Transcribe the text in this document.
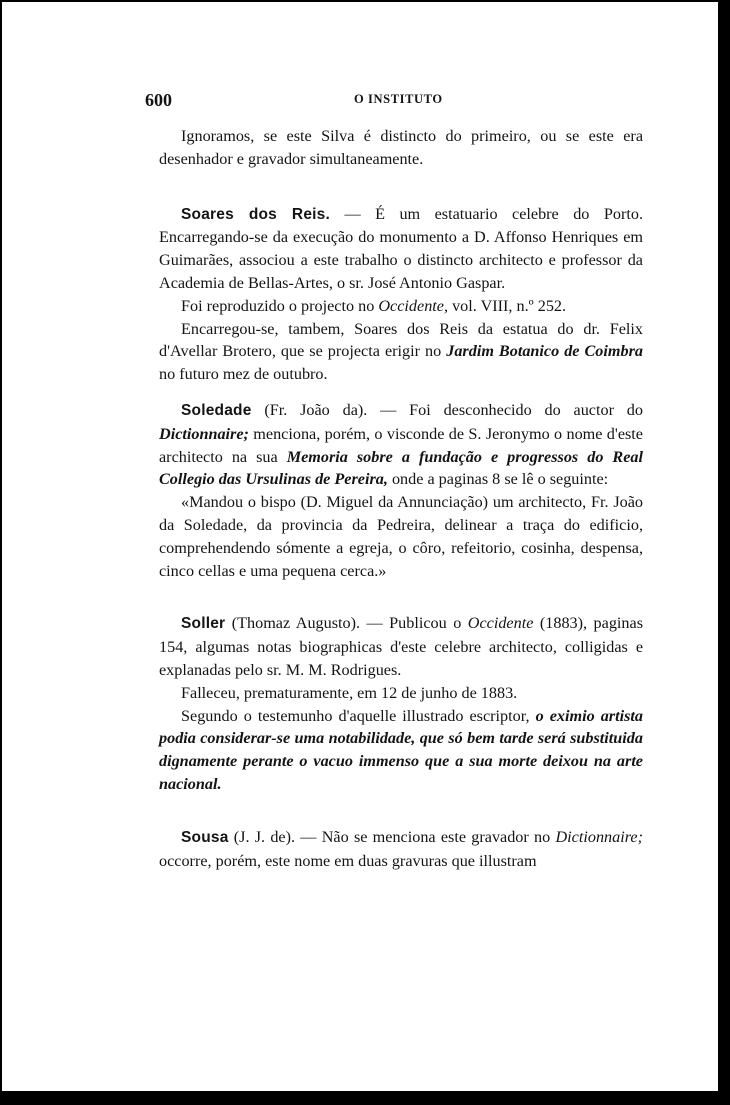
600	O INSTITUTO

Ignoramos, se este Silva é distincto do primeiro, ou se este era desenhador e gravador simultaneamente.

Soares dos Reis. — É um estatuario celebre do Porto. Encarregando-se da execução do monumento a D. Affonso Henriques em Guimarães, associou a este trabalho o distincto architecto e professor da Academia de Bellas-Artes, o sr. José Antonio Gaspar.

Foi reproduzido o projecto no Occidente, vol. VIII, n.º 252.

Encarregou-se, tambem, Soares dos Reis da estatua do dr. Felix d'Avellar Brotero, que se projecta erigir no Jardim Botanico de Coimbra no futuro mez de outubro.

Soledade (Fr. João da). — Foi desconhecido do auctor do Dictionnaire; menciona, porém, o visconde de S. Jeronymo o nome d'este architecto na sua Memoria sobre a fundação e progressos do Real Collegio das Ursulinas de Pereira, onde a paginas 8 se lê o seguinte:

«Mandou o bispo (D. Miguel da Annunciação) um architecto, Fr. João da Soledade, da provincia da Pedreira, delinear a traça do edificio, comprehendendo sómente a egreja, o côro, refeitorio, cosinha, despensa, cinco cellas e uma pequena cerca.»

Soller (Thomaz Augusto). — Publicou o Occidente (1883), paginas 154, algumas notas biographicas d'este celebre architecto, colligidas e explanadas pelo sr. M. M. Rodrigues.

Falleceu, prematuramente, em 12 de junho de 1883.

Segundo o testemunho d'aquelle illustrado escriptor, o eximio artista podia considerar-se uma notabilidade, que só bem tarde será substituida dignamente perante o vacuo immenso que a sua morte deixou na arte nacional.

Sousa (J. J. de). — Não se menciona este gravador no Dictionnaire; occorre, porém, este nome em duas gravuras que illustram
